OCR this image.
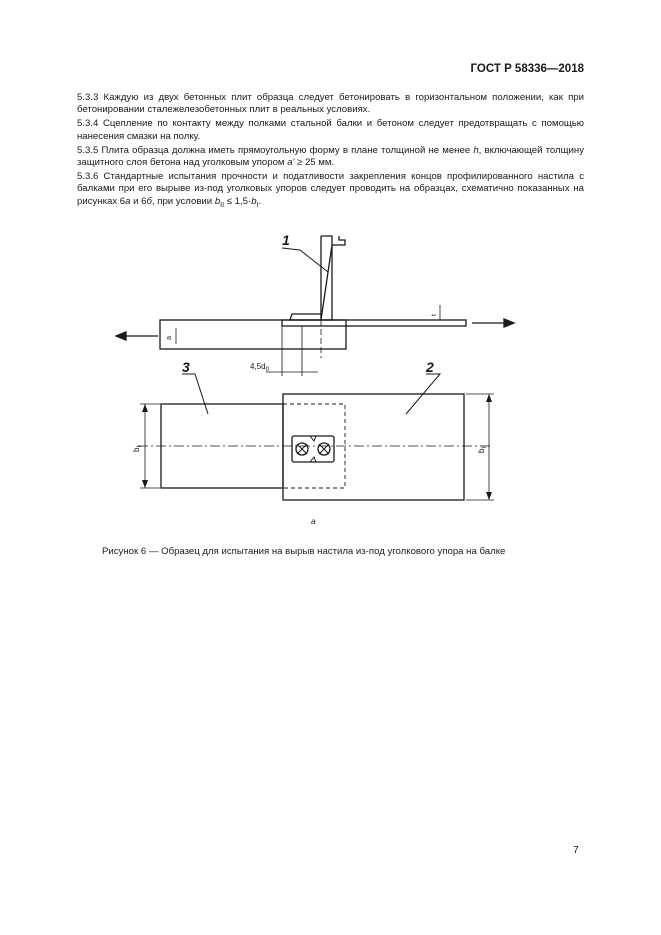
ГОСТ Р 58336—2018

5.3.3 Каждую из двух бетонных плит образца следует бетонировать в горизонтальном положении, как при бетонировании сталежелезобетонных плит в реальных условиях.

5.3.4 Сцепление по контакту между полками стальной балки и бетоном следует предотвращать с помощью нанесения смазки на полку.

5.3.5 Плита образца должна иметь прямоугольную форму в плане толщиной не менее h, включающей толщину защитного слоя бетона над уголковым упором a' ≥ 25 мм.

5.3.6 Стандартные испытания прочности и податливости закрепления концов профилированного настила с балками при его вырыве из-под уголковых упоров следует проводить на образцах, схематично показанных на рисунках 6а и 6б, при условии $b_{II} \le 1,5\cdot b_I$.

1
$4,5d_0$
a
t
3	2
$b_I$
$b_{II}$
а
Рисунок 6 — Образец для испытания на вырыв настила из-под уголкового упора на балке
7
